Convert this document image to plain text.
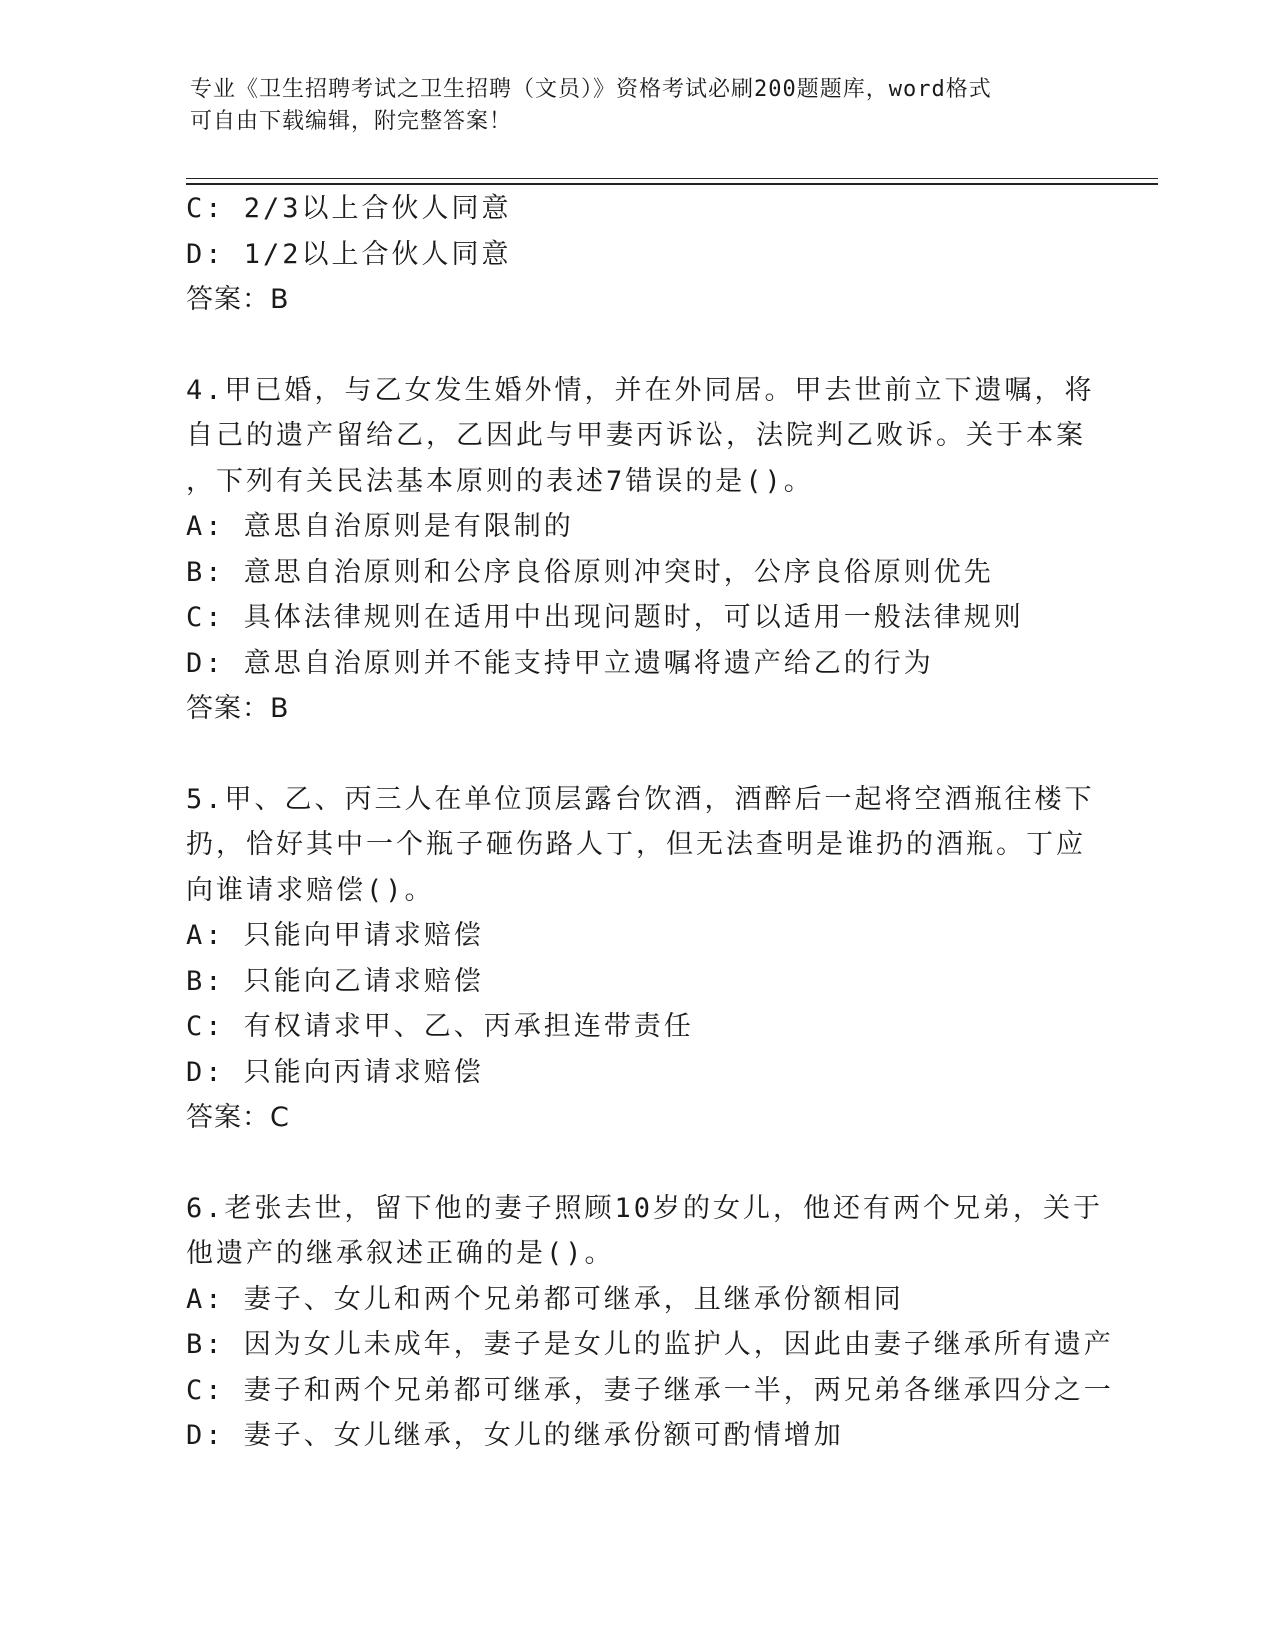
专业《卫生招聘考试之卫生招聘（文员）》资格考试必刷200题题库，word格式
可自由下载编辑，附完整答案！
C: 2/3以上合伙人同意
D: 1/2以上合伙人同意
答案：B
4.甲已婚，与乙女发生婚外情，并在外同居。甲去世前立下遗嘱，将
自己的遗产留给乙，乙因此与甲妻丙诉讼，法院判乙败诉。关于本案
，下列有关民法基本原则的表述7错误的是()。
A: 意思自治原则是有限制的
B: 意思自治原则和公序良俗原则冲突时，公序良俗原则优先
C: 具体法律规则在适用中出现问题时，可以适用一般法律规则
D: 意思自治原则并不能支持甲立遗嘱将遗产给乙的行为
答案：B
5.甲、乙、丙三人在单位顶层露台饮酒，酒醉后一起将空酒瓶往楼下
扔，恰好其中一个瓶子砸伤路人丁，但无法查明是谁扔的酒瓶。丁应
向谁请求赔偿()。
A: 只能向甲请求赔偿
B: 只能向乙请求赔偿
C: 有权请求甲、乙、丙承担连带责任
D: 只能向丙请求赔偿
答案：C
6.老张去世，留下他的妻子照顾10岁的女儿，他还有两个兄弟，关于
他遗产的继承叙述正确的是()。
A: 妻子、女儿和两个兄弟都可继承，且继承份额相同
B: 因为女儿未成年，妻子是女儿的监护人，因此由妻子继承所有遗产
C: 妻子和两个兄弟都可继承，妻子继承一半，两兄弟各继承四分之一
D: 妻子、女儿继承，女儿的继承份额可酌情增加
